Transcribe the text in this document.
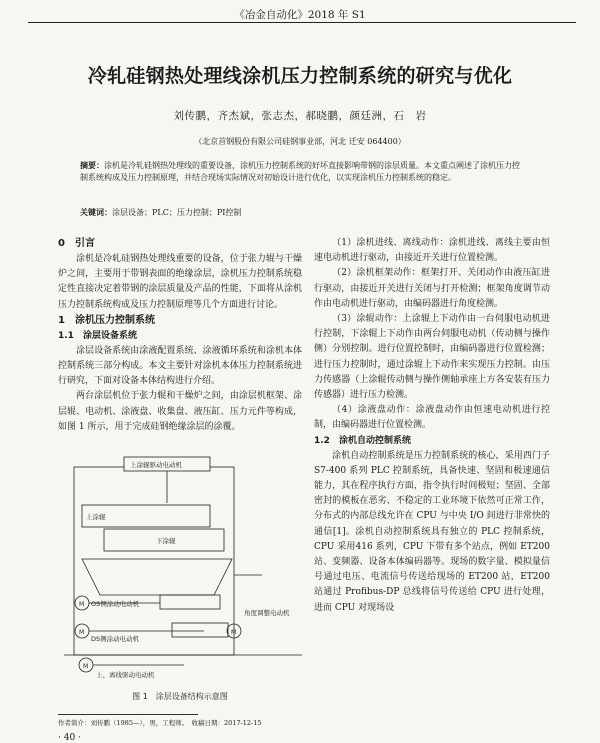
《冶金自动化》2018 年 S1
冷轧硅钢热处理线涂机压力控制系统的研究与优化
刘传鹏，齐杰斌，张志杰，郝晓鹏，颜廷洲，石　岩
（北京首钢股份有限公司硅钢事业部，河北 迁安 064400）
摘要：涂机是冷轧硅钢热处理线的重要设备，涂机压力控制系统的好坏直接影响带钢的涂层质量。本文重点阐述了涂机压力控制系统构成及压力控制原理，并结合现场实际情况对初始设计进行优化，以实现涂机压力控制系统的稳定。
关键词：涂层设备；PLC；压力控制；PI控制

0　引言

涂机是冷轧硅钢热处理线重要的设备，位于张力辊与干燥炉之间，主要用于带钢表面的绝缘涂层，涂机压力控制系统稳定性直接决定着带钢的涂层质量及产品的性能，下面将从涂机压力控制系统构成及压力控制原理等几个方面进行讨论。

1　涂机压力控制系统

1.1　涂层设备系统

涂层设备系统由涂液配置系统、涂液循环系统和涂机本体控制系统三部分构成。本文主要针对涂机本体压力控制系统进行研究，下面对设备本体结构进行介绍。

两台涂层机位于张力辊和干燥炉之间，由涂层机框架、涂层辊、电动机、涂液盘、收集盘、液压缸、压力元件等构成，如图 1 所示，用于完成硅钢绝缘涂层的涂覆。

上涂辊驱动电动机
上涂辊
下涂辊
M OS侧涂动电动机
M
DS侧涂动电动机
M
角度调整电动机
M
上、离线驱动电动机
图 1　涂层设备结构示意图

（1）涂机进线、离线动作：涂机进线、离线主要由恒速电动机进行驱动，由接近开关进行位置检测。

（2）涂机框架动作：框架打开、关闭动作由液压缸进行驱动，由接近开关进行关闭与打开检测；框架角度调节动作由电动机进行驱动，由编码器进行角度检测。

（3）涂辊动作：上涂辊上下动作由一台伺服电动机进行控制，下涂辊上下动作由两台伺服电动机（传动侧与操作侧）分别控制。进行位置控制时，由编码器进行位置检测；进行压力控制时，通过涂辊上下动作来实现压力控制。由压力传感器（上涂辊传动侧与操作侧轴承座上方各安装有压力传感器）进行压力检测。

（4）涂液盘动作：涂液盘动作由恒速电动机进行控制，由编码器进行位置检测。

1.2　涂机自动控制系统

涂机自动控制系统是压力控制系统的核心，采用西门子 S7-400 系列 PLC 控制系统，具备快速、坚固和极速通信能力，其在程序执行方面，指令执行时间极短；坚固、全部密封的模板在恶劣、不稳定的工业环境下依然可正常工作，分布式的内部总线允许在 CPU 与中央 I/O 间进行非常快的通信[1]。涂机自动控制系统具有独立的 PLC 控制系统，CPU 采用416 系列，CPU 下带有多个站点，例如 ET200 站、变频器、设备本体编码器等。现场的数字量、模拟量信号通过电压、电流信号传送给现场的 ET200 站，ET200 站通过 Profibus-DP 总线将信号传送给 CPU 进行处理，进而 CPU 对现场设

作者简介：刘传鹏（1985—），男，工程师。　收稿日期：2017-12-15
· 40 ·
